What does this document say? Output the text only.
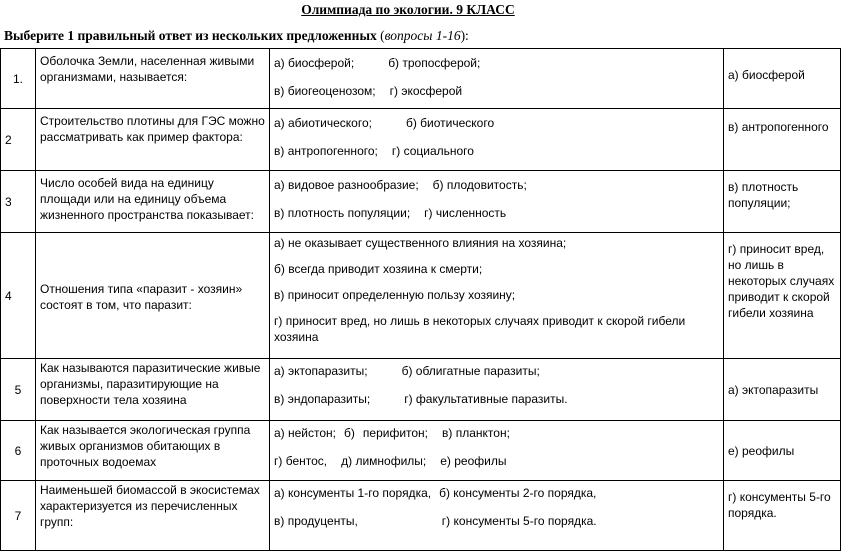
Олимпиада по экологии. 9 КЛАСС
Выберите 1 правильный ответ из нескольких предложенных (вопросы 1-16):
1.	Оболочка Земли, населенная живыми организмами, называется:	а) биосферой; б) тропосферой;
в) биогеоценозом; г) экосферой	а) биосферой
2	Строительство плотины для ГЭС можно рассматривать как пример фактора:	а) абиотического; б) биотического
в) антропогенного; г) социального	в) антропогенного
3	Число особей вида на единицу площади или на единицу объема жизненного пространства показывает:	а) видовое разнообразие; б) плодовитость;
в) плотность популяции; г) численность	в) плотность популяции;
4	Отношения типа «паразит - хозяин» состоят в том, что паразит:	а) не оказывает существенного влияния на хозяина;
б) всегда приводит хозяина к смерти;
в) приносит определенную пользу хозяину;
г) приносит вред, но лишь в некоторых случаях приводит к скорой гибели хозяина	г) приносит вред, но лишь в некоторых случаях приводит к скорой гибели хозяина
5	Как называются паразитические живые организмы, паразитирующие на поверхности тела хозяина	а) эктопаразиты; б) облигатные паразиты;
в) эндопаразиты; г) факультативные паразиты.	а) эктопаразиты
6	Как называется экологическая группа живых организмов обитающих в проточных водоемах	а) нейстон; б) перифитон; в) планктон;
г) бентос, д) лимнофилы; е) реофилы	е) реофилы
7	Наименьшей биомассой в экосистемах характеризуется из перечисленных групп:	а) консументы 1-го порядка, б) консументы 2-го порядка,
в) продуценты, г) консументы 5-го порядка.	г) консументы 5-го порядка.
